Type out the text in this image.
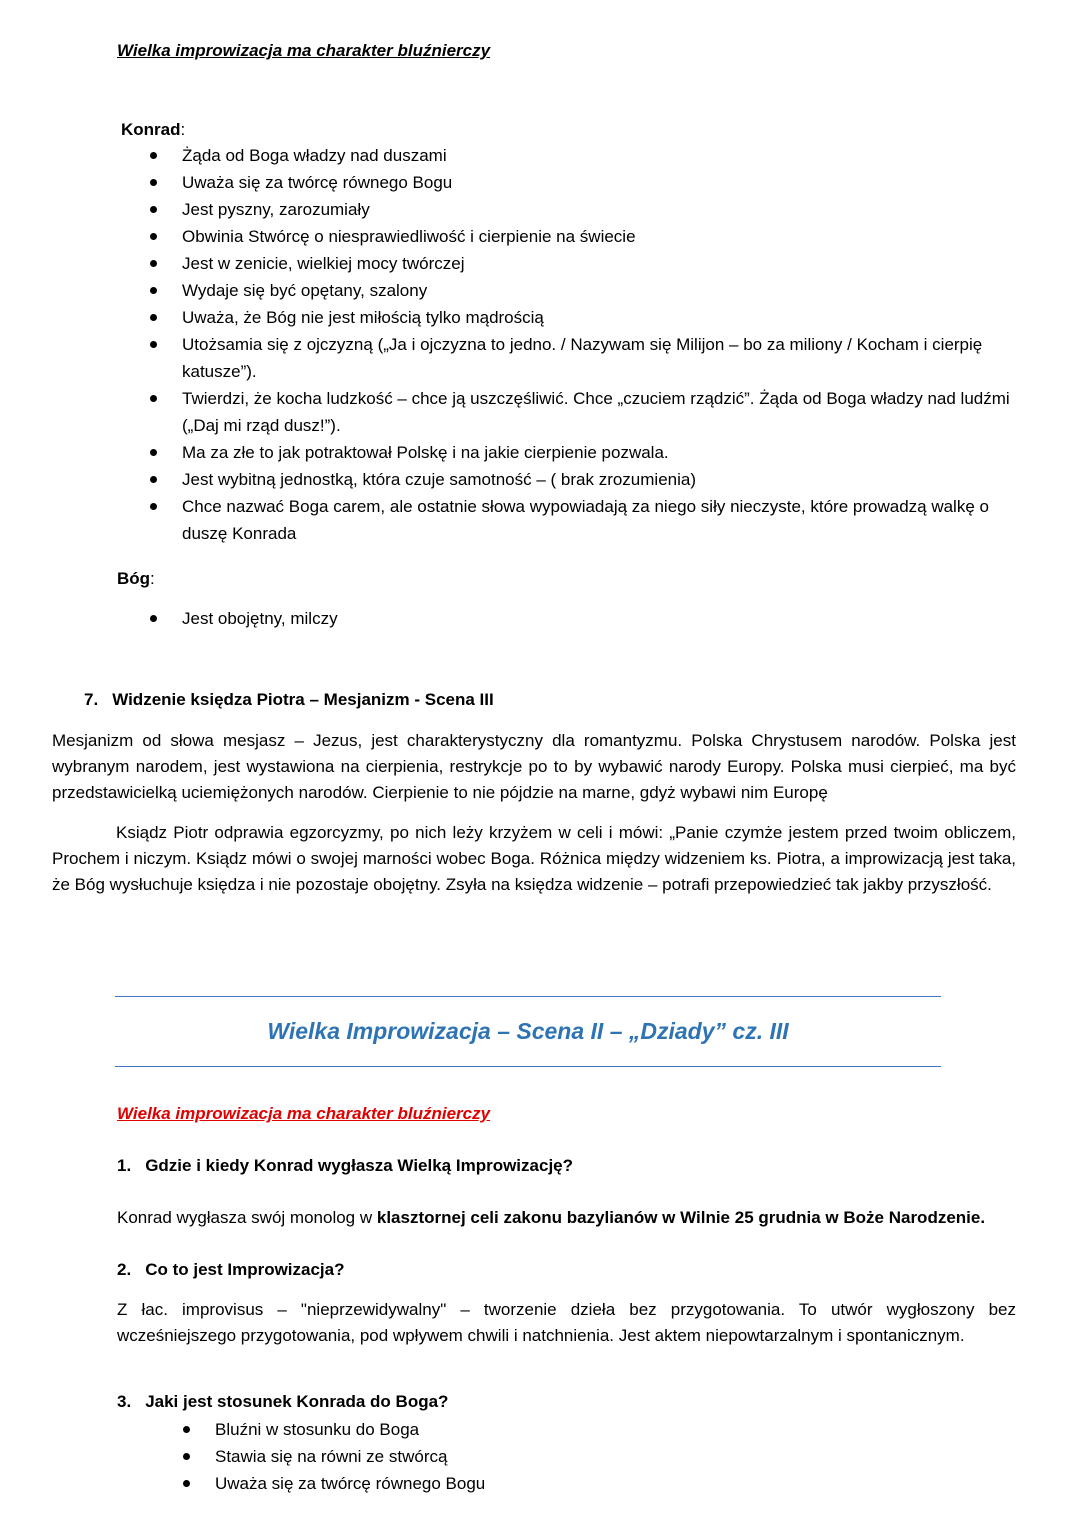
Wielka improwizacja ma charakter bluźnierczy
Konrad:
Żąda od Boga władzy nad duszami
Uważa się za twórcę równego Bogu
Jest pyszny, zarozumiały
Obwinia Stwórcę o niesprawiedliwość i cierpienie na świecie
Jest w zenicie, wielkiej mocy twórczej
Wydaje się być opętany, szalony
Uważa, że Bóg nie jest miłością tylko mądrością
Utożsamia się z ojczyzną („Ja i ojczyzna to jedno. / Nazywam się Milijon – bo za miliony / Kocham i cierpię katusze”).
Twierdzi, że kocha ludzkość – chce ją uszczęśliwić. Chce „czuciem rządzić”. Żąda od Boga władzy nad ludźmi („Daj mi rząd dusz!”).
Ma za złe to jak potraktował Polskę i na jakie cierpienie pozwala.
Jest wybitną jednostką, która czuje samotność – ( brak zrozumienia)
Chce nazwać Boga carem, ale ostatnie słowa wypowiadają za niego siły nieczyste, które prowadzą walkę o duszę Konrada
Bóg:
Jest obojętny, milczy
7. Widzenie księdza Piotra – Mesjanizm - Scena III
Mesjanizm od słowa mesjasz – Jezus, jest charakterystyczny dla romantyzmu. Polska Chrystusem narodów. Polska jest wybranym narodem, jest wystawiona na cierpienia, restrykcje po to by wybawić narody Europy. Polska musi cierpieć, ma być przedstawicielką uciemiężonych narodów. Cierpienie to nie pójdzie na marne, gdyż wybawi nim Europę
Ksiądz Piotr odprawia egzorcyzmy, po nich leży krzyżem w celi i mówi: „Panie czymże jestem przed twoim obliczem, Prochem i niczym. Ksiądz mówi o swojej marności wobec Boga. Różnica między widzeniem ks. Piotra, a improwizacją jest taka, że Bóg wysłuchuje księdza i nie pozostaje obojętny. Zsyła na księdza widzenie – potrafi przepowiedzieć tak jakby przyszłość.
Wielka Improwizacja – Scena II – „Dziady” cz. III
Wielka improwizacja ma charakter bluźnierczy
1. Gdzie i kiedy Konrad wygłasza Wielką Improwizację?
Konrad wygłasza swój monolog w klasztornej celi zakonu bazylianów w Wilnie 25 grudnia w Boże Narodzenie.
2. Co to jest Improwizacja?
Z łac. improvisus – "nieprzewidywalny" – tworzenie dzieła bez przygotowania. To utwór wygłoszony bez wcześniejszego przygotowania, pod wpływem chwili i natchnienia. Jest aktem niepowtarzalnym i spontanicznym.
3. Jaki jest stosunek Konrada do Boga?
Bluźni w stosunku do Boga
Stawia się na równi ze stwórcą
Uważa się za twórcę równego Bogu
